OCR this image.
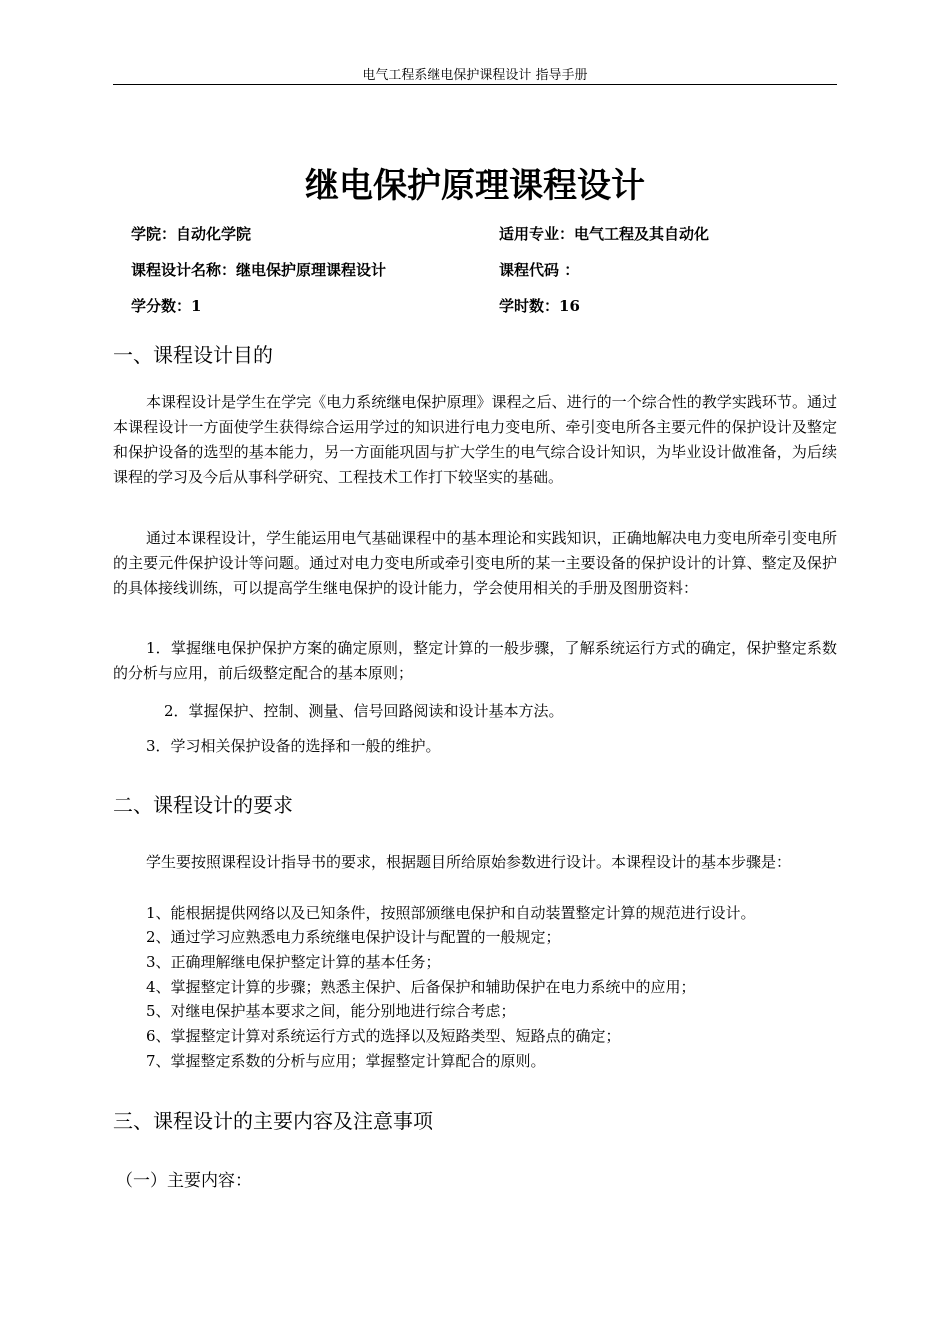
电气工程系继电保护课程设计 指导手册
继电保护原理课程设计
学院：自动化学院	适用专业：电气工程及其自动化
课程设计名称：继电保护原理课程设计	课程代码 ：
学分数：1	学时数：16
一、课程设计目的
本课程设计是学生在学完《电力系统继电保护原理》课程之后、进行的一个综合性的教学实践环节。通过本课程设计一方面使学生获得综合运用学过的知识进行电力变电所、牵引变电所各主要元件的保护设计及整定和保护设备的选型的基本能力，另一方面能巩固与扩大学生的电气综合设计知识，为毕业设计做准备，为后续课程的学习及今后从事科学研究、工程技术工作打下较坚实的基础。
通过本课程设计，学生能运用电气基础课程中的基本理论和实践知识，正确地解决电力变电所牵引变电所的主要元件保护设计等问题。通过对电力变电所或牵引变电所的某一主要设备的保护设计的计算、整定及保护的具体接线训练，可以提高学生继电保护的设计能力，学会使用相关的手册及图册资料：
1．掌握继电保护保护方案的确定原则，整定计算的一般步骤，了解系统运行方式的确定，保护整定系数的分析与应用，前后级整定配合的基本原则；
2．掌握保护、控制、测量、信号回路阅读和设计基本方法。
3．学习相关保护设备的选择和一般的维护。
二、课程设计的要求
学生要按照课程设计指导书的要求，根据题目所给原始参数进行设计。本课程设计的基本步骤是：
1、能根据提供网络以及已知条件，按照部颁继电保护和自动装置整定计算的规范进行设计。
2、通过学习应熟悉电力系统继电保护设计与配置的一般规定；
3、正确理解继电保护整定计算的基本任务；
4、掌握整定计算的步骤；熟悉主保护、后备保护和辅助保护在电力系统中的应用；
5、对继电保护基本要求之间，能分别地进行综合考虑；
6、掌握整定计算对系统运行方式的选择以及短路类型、短路点的确定；
7、掌握整定系数的分析与应用；掌握整定计算配合的原则。
三、课程设计的主要内容及注意事项
（一）主要内容：
